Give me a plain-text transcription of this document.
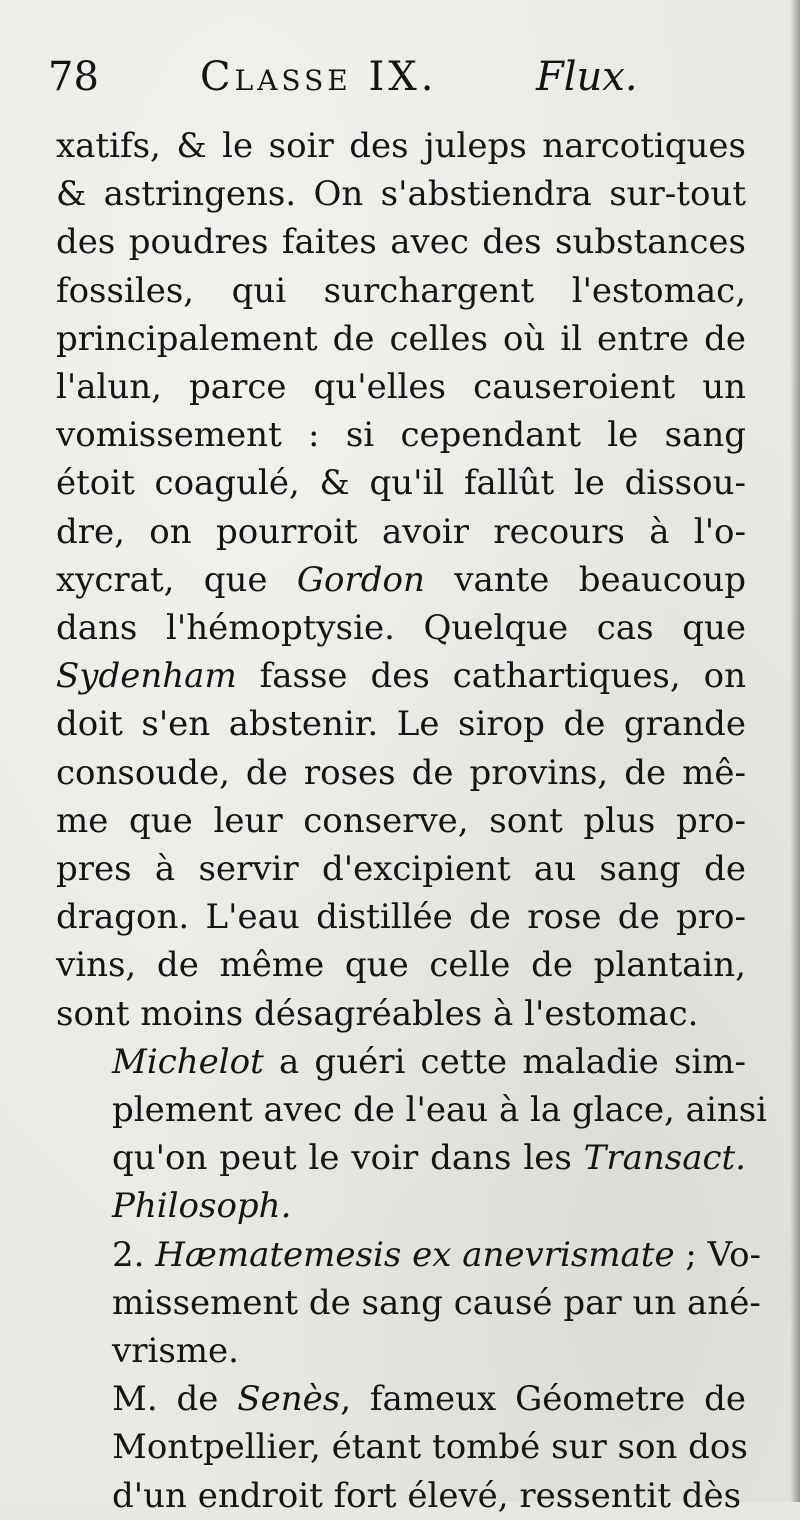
78	Classe IX. Flux.

xatifs, & le soir des juleps narcotiques
& astringens. On s'abstiendra sur-tout
des poudres faites avec des substances
fossiles, qui surchargent l'estomac,
principalement de celles où il entre de
l'alun, parce qu'elles causeroient un
vomissement : si cependant le sang
étoit coagulé, & qu'il fallût le dissou-
dre, on pourroit avoir recours à l'o-
xycrat, que Gordon vante beaucoup
dans l'hémoptysie. Quelque cas que
Sydenham fasse des cathartiques, on
doit s'en abstenir. Le sirop de grande
consoude, de roses de provins, de mê-
me que leur conserve, sont plus pro-
pres à servir d'excipient au sang de
dragon. L'eau distillée de rose de pro-
vins, de même que celle de plantain,
sont moins désagréables à l'estomac.

Michelot a guéri cette maladie sim-
plement avec de l'eau à la glace, ainsi
qu'on peut le voir dans les Transact.
Philosoph.

2. Hæmatemesis ex anevrismate ; Vo-
missement de sang causé par un ané-
vrisme.

M. de Senès, fameux Géometre de
Montpellier, étant tombé sur son dos
d'un endroit fort élevé, ressentit dès
